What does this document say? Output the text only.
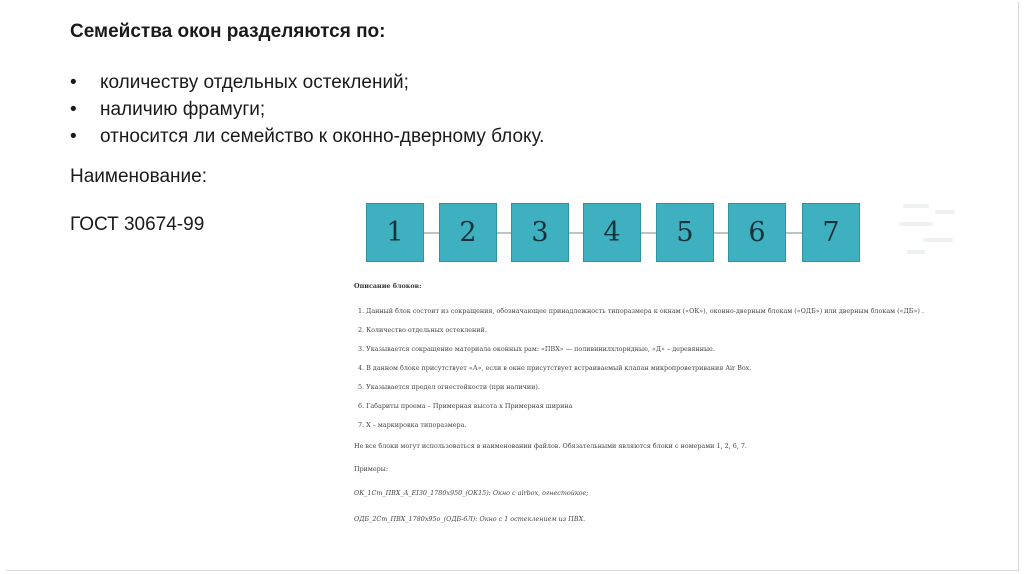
Семейства окон разделяются по:
• количеству отдельных остеклений;
• наличию фрамуги;
• относится ли семейство к оконно-дверному блоку.

Наименование:

ГОСТ 30674-99	1	2	3	4	5	6	7
Описание блоков:
1. Данный блок состоит из сокращения, обозначающее принадлежность типоразмера к окнам («ОК»), оконно-дверным блокам («ОДБ») или дверным блокам («ДБ») .
2. Количество отдельных остеклений.
3. Указывается сокращение материала оконных рам: «ПВХ» — поливинилхлоридные, «Д» – деревянные.
4. В данном блоке присутствует «А», если в окне присутствует встраиваемый клапан микропроветривания Air Box.
5. Указывается предел огнестойкости (при наличии).
6. Габариты проема – Примерная высота x Примерная ширина
7. X – маркировка типоразмера.
Не все блоки могут использоваться в наименовании файлов. Обязательными являются блоки с номерами 1, 2, 6, 7.
Примеры:
ОК_1Ст_ПВХ_А_EI30_1780х950_(ОК15): Окно с airbox, огнестойкое;
ОДБ_2Ст_ПВХ_1780х95о_(ОДБ-6Л): Окно с 1 остеклением из ПВХ.
